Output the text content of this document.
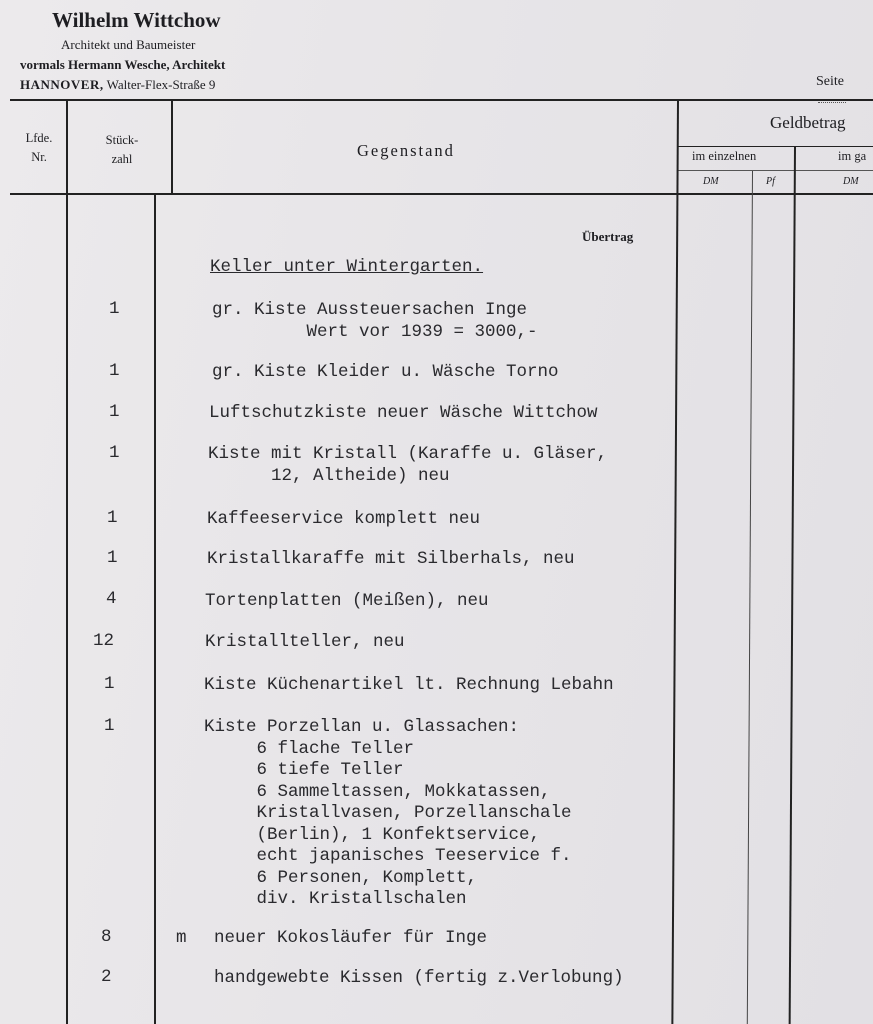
Wilhelm Wittchow
Architekt und Baumeister
vormals Hermann Wesche, Architekt
HANNOVER, Walter-Flex-Straße 9	Seite
Lfde.
Nr.
Stück-
zahl	Gegenstand
Geldbetrag
im einzelnen	im ga
DM	Pf	DM
Übertrag
Keller unter Wintergarten.
1	gr. Kiste Aussteuersachen Inge
Wert vor 1939 = 3000,-
1	gr. Kiste Kleider u. Wäsche Torno
1	Luftschutzkiste neuer Wäsche Wittchow
1	Kiste mit Kristall (Karaffe u. Gläser,
12, Altheide) neu
1	Kaffeeservice komplett neu
1	Kristallkaraffe mit Silberhals, neu
4	Tortenplatten (Meißen), neu
12	Kristallteller, neu
1	Kiste Küchenartikel lt. Rechnung Lebahn
1	Kiste Porzellan u. Glassachen:
6 flache Teller
6 tiefe Teller
6 Sammeltassen, Mokkatassen,
Kristallvasen, Porzellanschale
(Berlin), 1 Konfektservice,
echt japanisches Teeservice f.
6 Personen, Komplett,
div. Kristallschalen
8	m neuer Kokosläufer für Inge
2	handgewebte Kissen (fertig z.Verlobung)
